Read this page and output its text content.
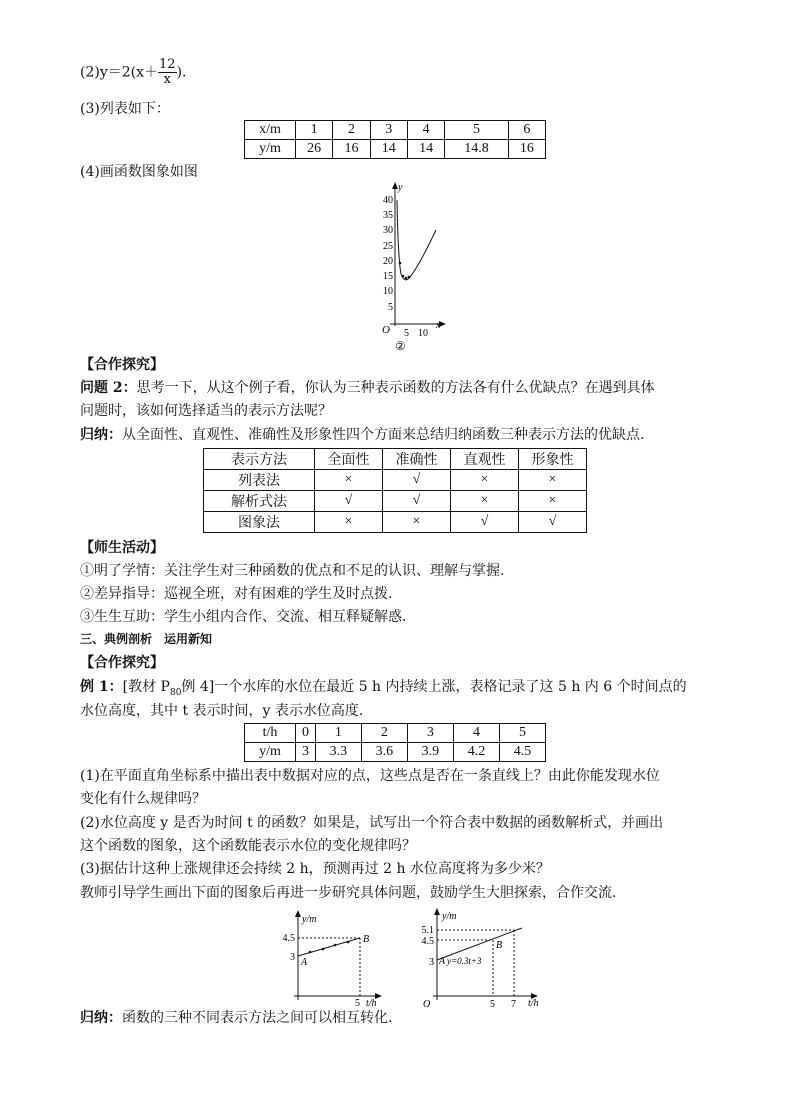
$(2)y=2(x+ \frac{12}{x}$ ).
(3)列表如下：
x/m	1	2	3	4	5	6
y/m	26	16	14	14	14.8	16
(4)画函数图象如图
y
x
O
40
35
30
25
20
15
10
5
5 10
②
【合作探究】
问题 2：思考一下，从这个例子看，你认为三种表示函数的方法各有什么优缺点？在遇到具体
问题时，该如何选择适当的表示方法呢？
归纳：从全面性、直观性、准确性及形象性四个方面来总结归纳函数三种表示方法的优缺点.
表示方法	全面性	准确性	直观性	形象性
列表法	×	√	×	×
解析式法	√	√	×	×
图象法	×	×	√	√
【师生活动】
①明了学情：关注学生对三种函数的优点和不足的认识、理解与掌握.
②差异指导：巡视全班，对有困难的学生及时点拨.
③生生互助：学生小组内合作、交流、相互释疑解惑.
三、典例剖析　运用新知
【合作探究】
例 1：[教材 $P_{80}$例 4]一个水库的水位在最近 5 h 内持续上涨，表格记录了这 5 h 内 6 个时间点的
水位高度，其中 t 表示时间，y 表示水位高度.
t/h	0	1	2	3	4	5
y/m	3	3.3	3.6	3.9	4.2	4.5
(1)在平面直角坐标系中描出表中数据对应的点，这些点是否在一条直线上？由此你能发现水位
变化有什么规律吗？
(2)水位高度 y 是否为时间 t 的函数？如果是，试写出一个符合表中数据的函数解析式，并画出
这个函数的图象，这个函数能表示水位的变化规律吗？
(3)据估计这种上涨规律还会持续 2 h，预测再过 2 h 水位高度将为多少米？
教师引导学生画出下面的图象后再进一步研究具体问题，鼓励学生大胆探索，合作交流.
y/m
t/h
4.5
3
5
A
B
y/m
t/h
O
5.1
4.5
3
5 7
A
B
y=0.3t+3
归纳：函数的三种不同表示方法之间可以相互转化.
